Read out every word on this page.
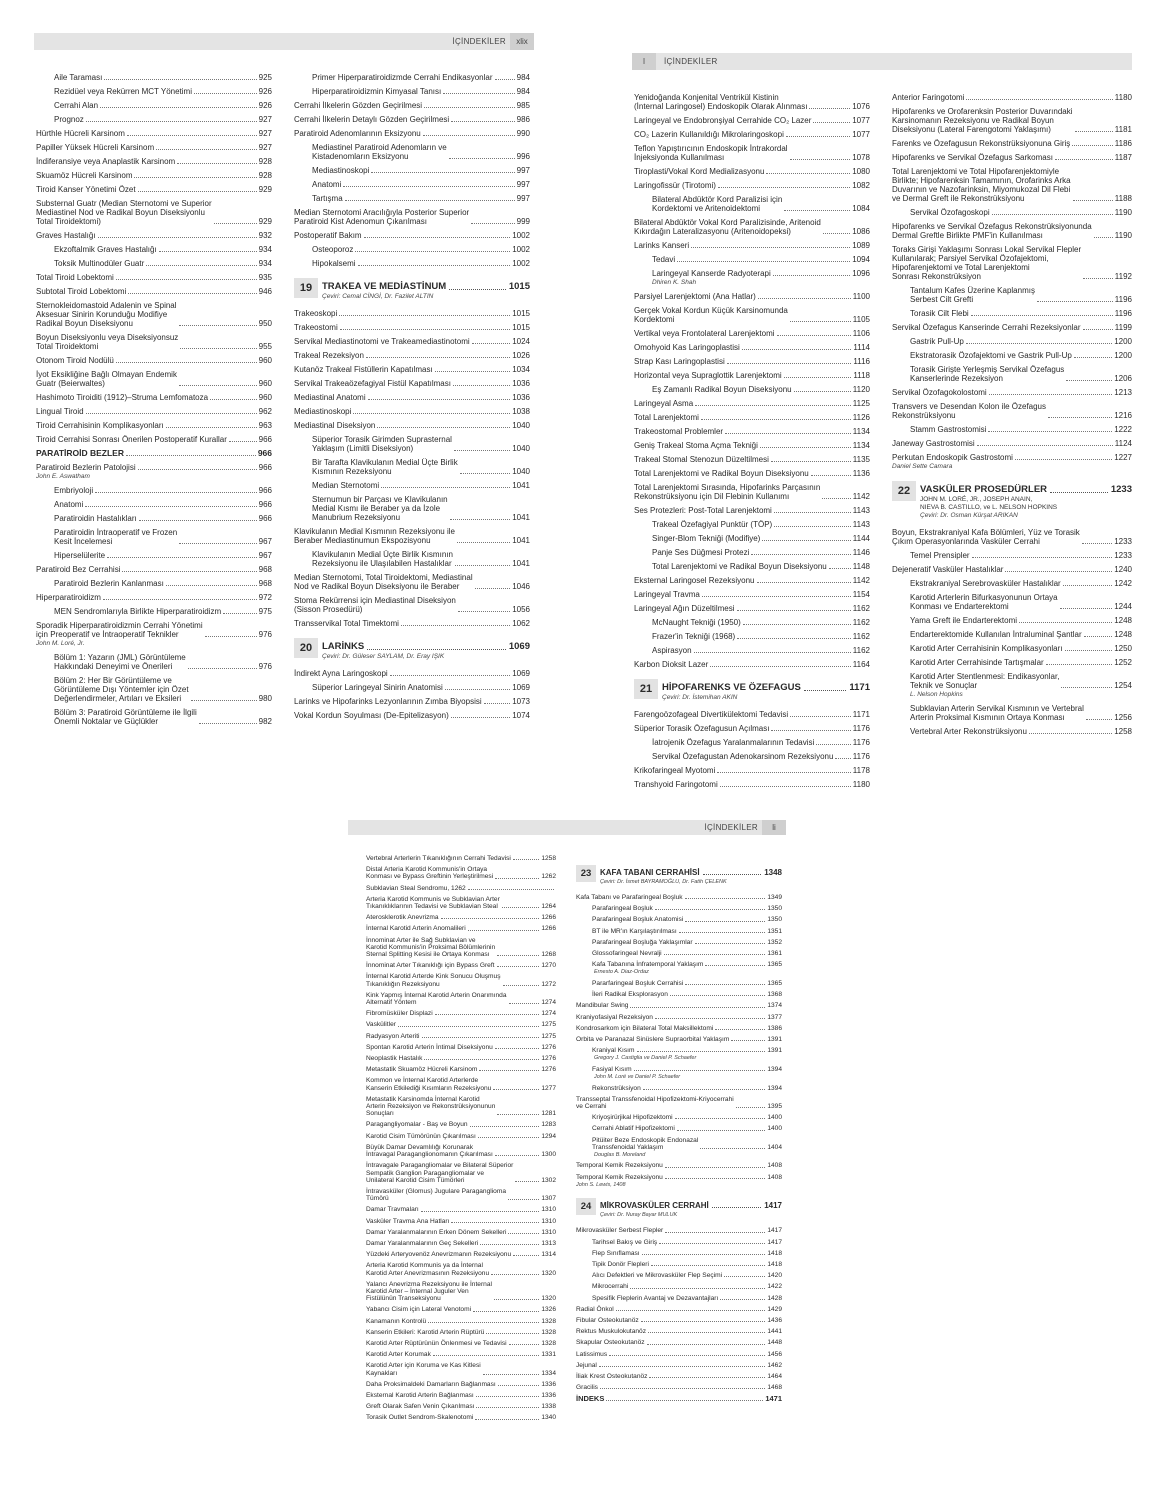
İÇİNDEKİLER	xlix
Aile Taraması	925
Rezidüel veya Rekürren MCT Yönetimi	926
Cerrahi Alan	926
Prognoz	927
Hürthle Hücreli Karsinom	927
Papiller Yüksek Hücreli Karsinom	927
İndiferansiye veya Anaplastik Karsinom	928
Skuamöz Hücreli Karsinom	928
Tiroid Kanser Yönetimi Özet	929
Substernal Guatr (Median Sternotomi ve Superior
Mediastinel Nod ve Radikal Boyun Diseksiyonlu
Total Tiroidektomi)	929
Graves Hastalığı	932
Ekzoftalmik Graves Hastalığı	934
Toksik Multinodüler Guatr	934
Total Tiroid Lobektomi	935
Subtotal Tiroid Lobektomi	946
Sternokleidomastoid Adalenin ve Spinal
Aksesuar Sinirin Korunduğu Modifiye
Radikal Boyun Diseksiyonu	950
Boyun Diseksiyonlu veya Diseksiyonsuz
Total Tiroidektomi	955
Otonom Tiroid Nodülü	960
İyot Eksikliğine Bağlı Olmayan Endemik
Guatr (Beierwaltes)	960
Hashimoto Tiroiditi (1912)–Struma Lemfomatoza	960
Lingual Tiroid	962
Tiroid Cerrahisinin Komplikasyonları	963
Tiroid Cerrahisi Sonrası Önerilen Postoperatif Kurallar	966
PARATİROİD BEZLER	966
Paratiroid Bezlerin Patolojisi	966
John E. Aswatham
Embriyoloji	966
Anatomi	966
Paratiroidin Hastalıkları	966
Paratiroidin İntraoperatif ve Frozen
Kesit İncelemesi	967
Hiperselülerite	967
Paratiroid Bez Cerrahisi	968
Paratiroid Bezlerin Kanlanması	968
Hiperparatiroidizm	972
MEN Sendromlarıyla Birlikte Hiperparatiroidizm	975
Sporadik Hiperparatiroidizmin Cerrahi Yönetimi
için Preoperatif ve İntraoperatif Teknikler	976
John M. Loré, Jr.
Bölüm 1: Yazarın (JML) Görüntüleme
Hakkındaki Deneyimi ve Önerileri	976
Bölüm 2: Her Bir Görüntüleme ve
Görüntüleme Dışı Yöntemler için Özet
Değerlendirmeler, Artıları ve Eksileri	980
Bölüm 3: Paratiroid Görüntüleme ile İlgili
Önemli Noktalar ve Güçlükler	982
Primer Hiperparatiroidizmde Cerrahi Endikasyonlar	984
Hiperparatiroidizmin Kimyasal Tanısı	984
Cerrahi İlkelerin Gözden Geçirilmesi	985
Cerrahi İlkelerin Detaylı Gözden Geçirilmesi	986
Paratiroid Adenomlarının Eksizyonu	990
Mediastinel Paratiroid Adenomların ve
Kistadenomların Eksizyonu	996
Mediastinoskopi	997
Anatomi	997
Tartışma	997
Median Sternotomi Aracılığıyla Posterior Superior
Paratiroid Kist Adenomun Çıkarılması	999
Postoperatif Bakım	1002
Osteoporoz	1002
Hipokalsemi	1002
19	TRAKEA VE MEDİASTİNUM	1015
Çeviri: Cemal CİNGİ, Dr. Fazilet ALTIN
Trakeoskopi	1015
Trakeostomi	1015
Servikal Mediastinotomi ve Trakeamediastinotomi	1024
Trakeal Rezeksiyon	1026
Kutanöz Trakeal Fistüllerin Kapatılması	1034
Servikal Trakeaözefagiyal Fistül Kapatılması	1036
Mediastinal Anatomi	1036
Mediastinoskopi	1038
Mediastinal Diseksiyon	1040
Süperior Torasik Girimden Suprasternal
Yaklaşım (Limitli Diseksiyon)	1040
Bir Tarafta Klavikulanın Medial Üçte Birlik
Kısmının Rezeksiyonu	1040
Median Sternotomi	1041
Sternumun bir Parçası ve Klavikulanın
Medial Kısmı ile Beraber ya da İzole
Manubrium Rezeksiyonu	1041
Klavikulanın Medial Kısmının Rezeksiyonu ile
Beraber Mediastinumun Ekspozisyonu	1041
Klavikulanın Medial Üçte Birlik Kısmının
Rezeksiyonu ile Ulaşılabilen Hastalıklar	1041
Median Sternotomi, Total Tiroidektomi, Mediastinal
Nod ve Radikal Boyun Diseksiyonu ile Beraber	1046
Stoma Rekürrensi için Mediastinal Diseksiyon
(Sisson Prosedürü)	1056
Transservikal Total Timektomi	1062
20	LARİNKS	1069
Çeviri: Dr. Güleser SAYLAM, Dr. Eray IŞIK
İndirekt Ayna Laringoskopi	1069
Süperior Laringeyal Sinirin Anatomisi	1069
Larinks ve Hipofarinks Lezyonlarının Zımba Biyopsisi	1073
Vokal Kordun Soyulması (De-Epitelizasyon)	1074
l	İÇİNDEKİLER
Yenidoğanda Konjenital Ventrikül Kistinin
(İnternal Laringosel) Endoskopik Olarak Alınması	1076
Laringeyal ve Endobronşiyal Cerrahide CO₂ Lazer	1077
CO₂ Lazerin Kullanıldığı Mikrolaringoskopi	1077
Teflon Yapıştırıcının Endoskopik İntrakordal
İnjeksiyonda Kullanılması	1078
Tiroplasti/Vokal Kord Medializasyonu	1080
Laringofissür (Tirotomi)	1082
Bilateral Abdüktör Kord Paralizisi için
Kordektomi ve Aritenoidektomi	1084
Bilateral Abdüktör Vokal Kord Paralizisinde, Aritenoid
Kıkırdağın Lateralizasyonu (Aritenoidopeksi)	1086
Larinks Kanseri	1089
Tedavi	1094
Laringeyal Kanserde Radyoterapi	1096
Dhiren K. Shah
Parsiyel Larenjektomi (Ana Hatlar)	1100
Gerçek Vokal Kordun Küçük Karsinomunda
Kordektomi	1105
Vertikal veya Frontolateral Larenjektomi	1106
Omohyoid Kas Laringoplastisi	1114
Strap Kası Laringoplastisi	1116
Horizontal veya Supraglottik Larenjektomi	1118
Eş Zamanlı Radikal Boyun Diseksiyonu	1120
Laringeyal Asma	1125
Total Larenjektomi	1126
Trakeostomal Problemler	1134
Geniş Trakeal Stoma Açma Tekniği	1134
Trakeal Stomal Stenozun Düzeltilmesi	1135
Total Larenjektomi ve Radikal Boyun Diseksiyonu	1136
Total Larenjektomi Sırasında, Hipofarinks Parçasının
Rekonstrüksiyonu için Dil Flebinin Kullanımı	1142
Ses Protezleri: Post-Total Larenjektomi	1143
Trakeal Özefagiyal Punktür (TÖP)	1143
Singer-Blom Tekniği (Modifiye)	1144
Panje Ses Düğmesi Protezi	1146
Total Larenjektomi ve Radikal Boyun Diseksiyonu	1148
Eksternal Laringosel Rezeksiyonu	1142
Laringeyal Travma	1154
Laringeyal Ağın Düzeltilmesi	1162
McNaught Tekniği (1950)	1162
Frazer'in Tekniği (1968)	1162
Aspirasyon	1162
Karbon Dioksit Lazer	1164
21	HİPOFARENKS VE ÖZEFAGUS	1171
Çeviri: Dr. İstemihan AKIN
Farengoözofageal Divertikülektomi Tedavisi	1171
Süperior Torasik Özefagusun Açılması	1176
İatrojenik Özefagus Yaralanmalarının Tedavisi	1176
Servikal Özefagustan Adenokarsinom Rezeksiyonu 1176
Krikofaringeal Myotomi	1178
Transhyoid Faringotomi	1180
Anterior Faringotomi	1180
Hipofarenks ve Orofarenksin Posterior Duvarındaki
Karsinomanın Rezeksiyonu ve Radikal Boyun
Diseksiyonu (Lateral Farengotomi Yaklaşımı)	1181
Farenks ve Özefagusun Rekonstrüksiyonuna Giriş	1186
Hipofarenks ve Servikal Özefagus Sarkoması	1187
Total Larenjektomi ve Total Hipofarenjektomiyle
Birlikte; Hipofarenksin Tamamının, Orofarinks Arka
Duvarının ve Nazofarinksin, Miyomukozal Dil Flebi
ve Dermal Greft ile Rekonstrüksiyonu	1188
Servikal Özofagoskopi	1190
Hipofarenks ve Servikal Özefagus Rekonstrüksiyonunda
Dermal Greftle Birlikte PMF'in Kullanılması	1190
Toraks Girişi Yaklaşımı Sonrası Lokal Servikal Flepler
Kullanılarak; Parsiyel Servikal Özofajektomi,
Hipofarenjektomi ve Total Larenjektomi
Sonrası Rekonstrüksiyon	1192
Tantalum Kafes Üzerine Kaplanmış
Serbest Cilt Grefti	1196
Torasik Cilt Flebi	1196
Servikal Özefagus Kanserinde Cerrahi Rezeksiyonlar	1199
Gastrik Pull-Up	1200
Ekstratorasik Özofajektomi ve Gastrik Pull-Up	1200
Torasik Girişte Yerleşmiş Servikal Özefagus
Kanserlerinde Rezeksiyon	1206
Servikal Özofagokolostomi	1213
Transvers ve Desendan Kolon ile Özefagus
Rekonstrüksiyonu	1216
Stamm Gastrostomisi	1222
Janeway Gastrostomisi	1124
Perkutan Endoskopik Gastrostomi	1227
Daniel Sette Camara
22	VASKÜLER PROSEDÜRLER	1233
JOHN M. LORÉ, JR., JOSEPH ANAIN,
NIEVA B. CASTILLO, ve L. NELSON HOPKINS
Çeviri: Dr. Osman Kürşat ARIKAN
Boyun, Ekstrakraniyal Kafa Bölümleri, Yüz ve Torasik
Çıkım Operasyonlarında Vasküler Cerrahi	1233
Temel Prensipler	1233
Dejeneratif Vasküler Hastalıklar	1240
Ekstrakraniyal Serebrovasküler Hastalıklar	1242
Karotid Arterlerin Bifurkasyonunun Ortaya
Konması ve Endarterektomi	1244
Yama Greft ile Endarterektomi	1248
Endarterektomide Kullanılan İntraluminal Şantlar	1248
Karotid Arter Cerrahisinin Komplikasyonları	1250
Karotid Arter Cerrahisinde Tartışmalar	1252
Karotid Arter Stentlenmesi: Endikasyonlar,
Teknik ve Sonuçlar	1254
L. Nelson Hopkins
Subklavian Arterin Servikal Kısmının ve Vertebral
Arterin Proksimal Kısmının Ortaya Konması	1256
Vertebral Arter Rekonstrüksiyonu	1258
İÇİNDEKİLER	li
Vertebral Arterlerin Tıkanıklığının Cerrahi Tedavisi	1258
Distal Arteria Karotid Kommunis'in Ortaya
Konması ve Bypass Greftinin Yerleştirilmesi	1262
Subklavian Steal Sendromu, 1262
Arteria Karotid Kommunis ve Subklavian Arter
Tıkanıklıklarının Tedavisi ve Subklavian Steal	1264
Aterosklerotik Anevrizma	1266
İnternal Karotid Arterin Anomalileri	1266
İnnominat Arter ile Sağ Subklavian ve
Karotid Kommunis'in Proksimal Bölümlerinin
Sternal Splitting Kesisi ile Ortaya Konması	1268
İnnominat Arter Tıkanıklığı için Bypass Greft	1270
İnternal Karotid Arterde Kink Sonucu Oluşmuş
Tıkanıklığın Rezeksiyonu	1272
Kink Yapmış İnternal Karotid Arterin Onarımında
Alternatif Yöntem	1274
Fibromüsküler Displazi	1274
Vaskülitler	1275
Radyasyon Arteriti	1275
Spontan Karotid Arterin İntimal Diseksiyonu	1276
Neoplastik Hastalık	1276
Metastatik Skuamöz Hücreli Karsinom	1276
Kommon ve İnternal Karotid Arterlerde
Kanserin Etkilediği Kısımların Rezeksiyonu	1277
Metastatik Karsinomda İnternal Karotid
Arterin Rezeksiyon ve Rekonstrüksiyonunun
Sonuçları	1281
Paragangliyomalar - Baş ve Boyun	1283
Karotid Cisim Tümörünün Çıkarılması	1294
Büyük Damar Devamlılığı Korunarak
İntravagal Paraganglionomanın Çıkarılması	1300
İntravagale Paragangliomalar ve Bilateral Süperior
Sempatik Ganglion Paragangliomalar ve
Unilateral Karotid Cisim Tümörleri	1302
İntravasküler (Glomus) Jugulare Paraganglioma
Tümörü	1307
Damar Travmaları	1310
Vasküler Travma Ana Hatları	1310
Damar Yaralanmalarının Erken Dönem Sekelleri	1310
Damar Yaralanmalarının Geç Sekelleri	1313
Yüzdeki Arteryovenöz Anevrizmanın Rezeksiyonu	1314
Arteria Karotid Kommunis ya da İnternal
Karotid Arter Anevrizmasının Rezeksiyonu	1320
Yalancı Anevrizma Rezeksiyonu ile İnternal
Karotid Arter – İnternal Juguler Ven
Fistülünün Transeksiyonu	1320
Yabancı Cisim için Lateral Venotomi	1326
Kanamanın Kontrolü	1328
Kanserin Etkileri: Karotid Arterin Rüptürü	1328
Karotid Arter Rüptürünün Önlenmesi ve Tedavisi	1328
Karotid Arter Korumak	1331
Karotid Arter için Koruma ve Kas Kitlesi
Kaynakları	1334
Daha Proksimaldeki Damarların Bağlanması	1336
Eksternal Karotid Arterin Bağlanması	1336
Greft Olarak Safen Venin Çıkarılması	1338
Torasik Outlet Sendrom-Skalenotomi	1340
23	KAFA TABANI CERRAHİSİ	1348
Çeviri: Dr. İsmet BAYRAMOĞLU, Dr. Fatih ÇELENK
Kafa Tabanı ve Parafaringeal Boşluk	1349
Parafaringeal Boşluk	1350
Parafaringeal Boşluk Anatomisi	1350
BT ile MR'ın Karşılaştırılması	1351
Parafaringeal Boşluğa Yaklaşımlar	1352
Glossofaringeal Nevralji	1361
Kafa Tabanına İnfratemporal Yaklaşım	1365
Ernesto A. Diaz-Ordaz
Pararfaringeal Boşluk Cerrahisi	1365
İleri Radikal Eksplorasyon	1368
Mandibular Swing	1374
Kraniyofasiyal Rezeksiyon	1377
Kondrosarkom için Bilateral Total Maksillektomi	1386
Orbita ve Paranazal Sinüslere Supraorbital Yaklaşım	1391
Kraniyal Kısım	1391
Gregory J. Castiglia ve Daniel P. Schaefer
Fasiyal Kısım	1394
John M. Loré ve Daniel P. Schaefer
Rekonstrüksiyon	1394
Transseptal Transsfenoidal Hipofizektomi-Kriyocerrahi
ve Cerrahi	1395
Kriyoşirürjikal Hipofizektomi	1400
Cerrahi Ablatif Hipofizektomi	1400
Pitüiter Beze Endoskopik Endonazal
Transsfenoidal Yaklaşım	1404
Douglas B. Moreland
Temporal Kemik Rezeksiyonu	1408
Temporal Kemik Rezeksiyonu	1408
John S. Lewis, 1408
24	MİKROVASKÜLER CERRAHİ	1417
Çeviri: Dr. Nuray Bayar MULUK
Mikrovasküler Serbest Flepler	1417
Tarihsel Bakış ve Giriş	1417
Flep Sınıflaması	1418
Tipik Donör Flepleri	1418
Alıcı Defektleri ve Mikrovasküler Flep Seçimi	1420
Mikrocerrahi	1422
Spesifik Fleplerin Avantaj ve Dezavantajları	1428
Radial Önkol	1429
Fibular Osteokutanöz	1436
Rektus Muskulokutanöz	1441
Skapular Osteokutanöz	1448
Latissimus	1456
Jejunal	1462
İliak Krest Osteokutanöz	1464
Gracilis	1468
İNDEKS	1471
